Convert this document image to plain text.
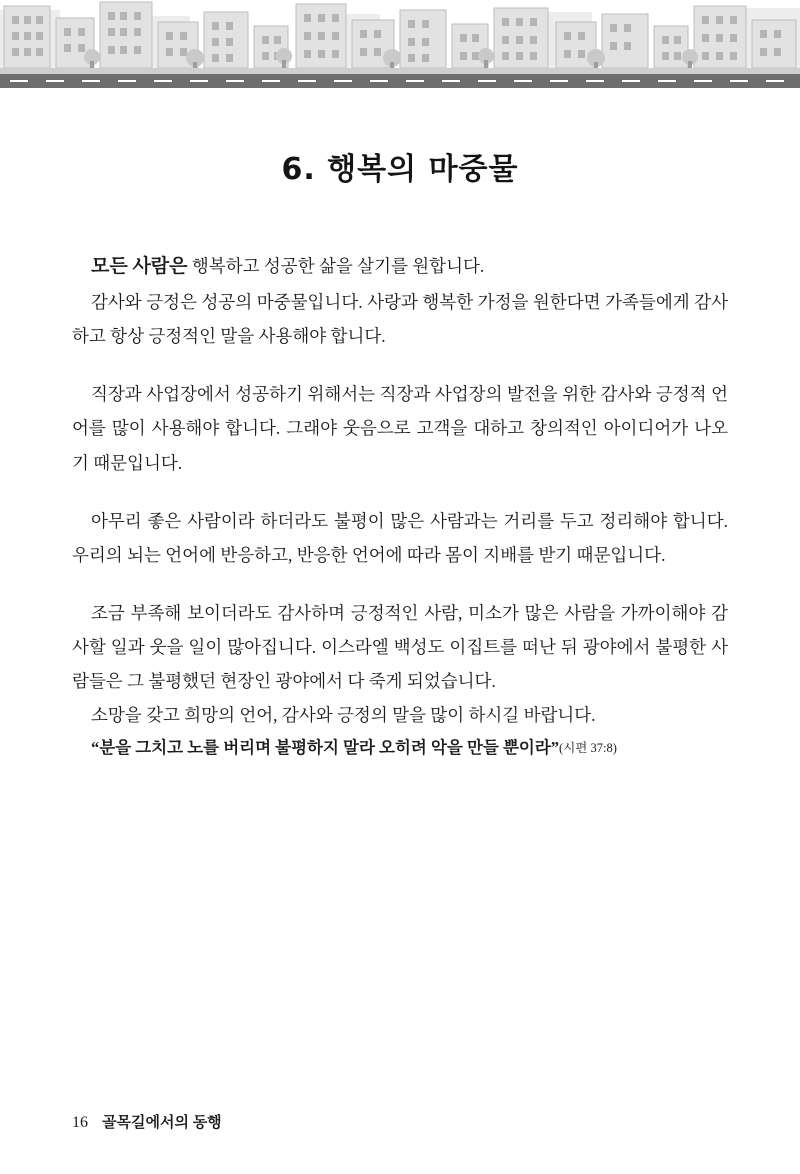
6. 행복의 마중물

모든 사람은 행복하고 성공한 삶을 살기를 원합니다.

감사와 긍정은 성공의 마중물입니다. 사랑과 행복한 가정을 원한다면 가족들에게 감사하고 항상 긍정적인 말을 사용해야 합니다.

직장과 사업장에서 성공하기 위해서는 직장과 사업장의 발전을 위한 감사와 긍정적 언어를 많이 사용해야 합니다. 그래야 웃음으로 고객을 대하고 창의적인 아이디어가 나오기 때문입니다.

아무리 좋은 사람이라 하더라도 불평이 많은 사람과는 거리를 두고 정리해야 합니다. 우리의 뇌는 언어에 반응하고, 반응한 언어에 따라 몸이 지배를 받기 때문입니다.

조금 부족해 보이더라도 감사하며 긍정적인 사람, 미소가 많은 사람을 가까이해야 감사할 일과 웃을 일이 많아집니다. 이스라엘 백성도 이집트를 떠난 뒤 광야에서 불평한 사람들은 그 불평했던 현장인 광야에서 다 죽게 되었습니다.

소망을 갖고 희망의 언어, 감사와 긍정의 말을 많이 하시길 바랍니다.

“분을 그치고 노를 버리며 불평하지 말라 오히려 악을 만들 뿐이라”(시편 37:8)

16 골목길에서의 동행
